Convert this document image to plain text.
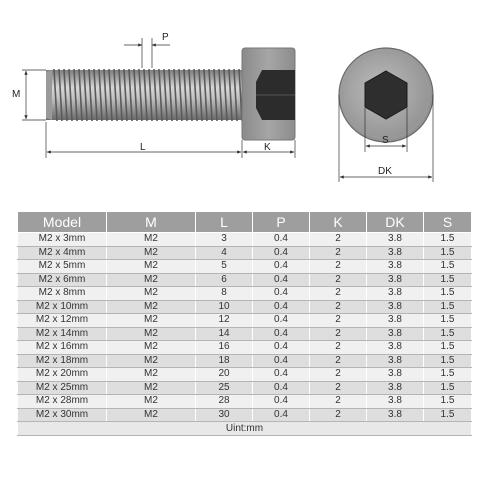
M
P
L	K
S
DK
Model	M	L	P	K	DK	S
M2 x 3mm	M2	3	0.4	2	3.8	1.5
M2 x 4mm	M2	4	0.4	2	3.8	1.5
M2 x 5mm	M2	5	0.4	2	3.8	1.5
M2 x 6mm	M2	6	0.4	2	3.8	1.5
M2 x 8mm	M2	8	0.4	2	3.8	1.5
M2 x 10mm	M2	10	0.4	2	3.8	1.5
M2 x 12mm	M2	12	0.4	2	3.8	1.5
M2 x 14mm	M2	14	0.4	2	3.8	1.5
M2 x 16mm	M2	16	0.4	2	3.8	1.5
M2 x 18mm	M2	18	0.4	2	3.8	1.5
M2 x 20mm	M2	20	0.4	2	3.8	1.5
M2 x 25mm	M2	25	0.4	2	3.8	1.5
M2 x 28mm	M2	28	0.4	2	3.8	1.5
M2 x 30mm	M2	30	0.4	2	3.8	1.5
Uint:mm						
